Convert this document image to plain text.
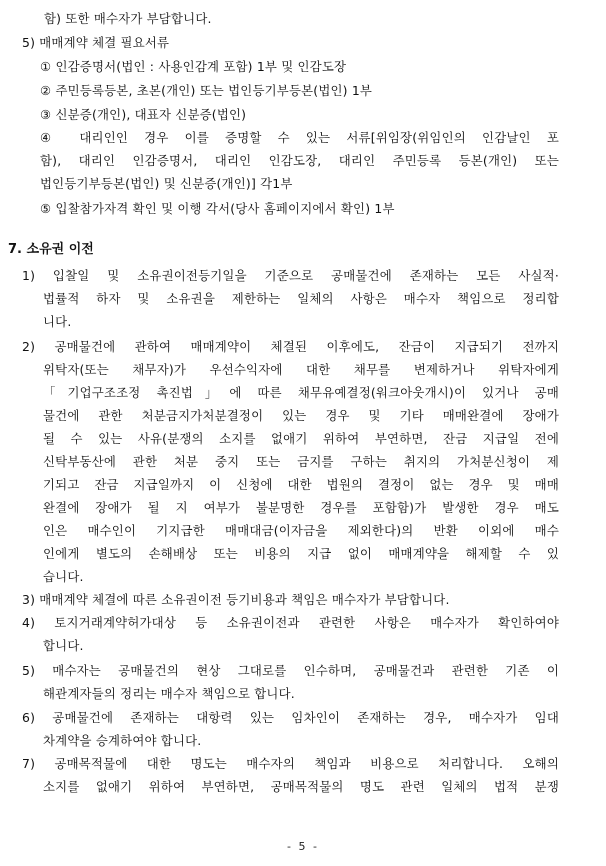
함) 또한 매수자가 부담합니다.
5) 매매계약 체결 필요서류
① 인감증명서(법인 : 사용인감계 포함) 1부 및 인감도장
② 주민등록등본, 초본(개인) 또는 법인등기부등본(법인) 1부
③ 신분증(개인), 대표자 신분증(법인)
④ 대리인인 경우 이를 증명할 수 있는 서류[위임장(위임인의 인감날인 포
함), 대리인 인감증명서, 대리인 인감도장, 대리인 주민등록 등본(개인) 또는
법인등기부등본(법인) 및 신분증(개인)] 각1부
⑤ 입찰참가자격 확인 및 이행 각서(당사 홈페이지에서 확인) 1부
7. 소유권 이전
1) 입찰일 및 소유권이전등기일을 기준으로 공매물건에 존재하는 모든 사실적·
법률적 하자 및 소유권을 제한하는 일체의 사항은 매수자 책임으로 정리합
니다.
2) 공매물건에 관하여 매매계약이 체결된 이후에도, 잔금이 지급되기 전까지
위탁자(또는 채무자)가 우선수익자에 대한 채무를 변제하거나 위탁자에게
「기업구조조정 촉진법」에 따른 채무유예결정(워크아웃개시)이 있거나 공매
물건에 관한 처분금지가처분결정이 있는 경우 및 기타 매매완결에 장애가
될 수 있는 사유(분쟁의 소지를 없애기 위하여 부연하면, 잔금 지급일 전에
신탁부동산에 관한 처분 중지 또는 금지를 구하는 취지의 가처분신청이 제
기되고 잔금 지급일까지 이 신청에 대한 법원의 결정이 없는 경우 및 매매
완결에 장애가 될 지 여부가 불분명한 경우를 포함함)가 발생한 경우 매도
인은 매수인이 기지급한 매매대금(이자금을 제외한다)의 반환 이외에 매수
인에게 별도의 손해배상 또는 비용의 지급 없이 매매계약을 해제할 수 있
습니다.
3) 매매계약 체결에 따른 소유권이전 등기비용과 책임은 매수자가 부담합니다.
4) 토지거래계약허가대상 등 소유권이전과 관련한 사항은 매수자가 확인하여야
합니다.
5) 매수자는 공매물건의 현상 그대로를 인수하며, 공매물건과 관련한 기존 이
해관계자들의 정리는 매수자 책임으로 합니다.
6) 공매물건에 존재하는 대항력 있는 임차인이 존재하는 경우, 매수자가 임대
차계약을 승계하여야 합니다.
7) 공매목적물에 대한 명도는 매수자의 책임과 비용으로 처리합니다. 오해의
소지를 없애기 위하여 부연하면, 공매목적물의 명도 관련 일체의 법적 분쟁
- 5 -
